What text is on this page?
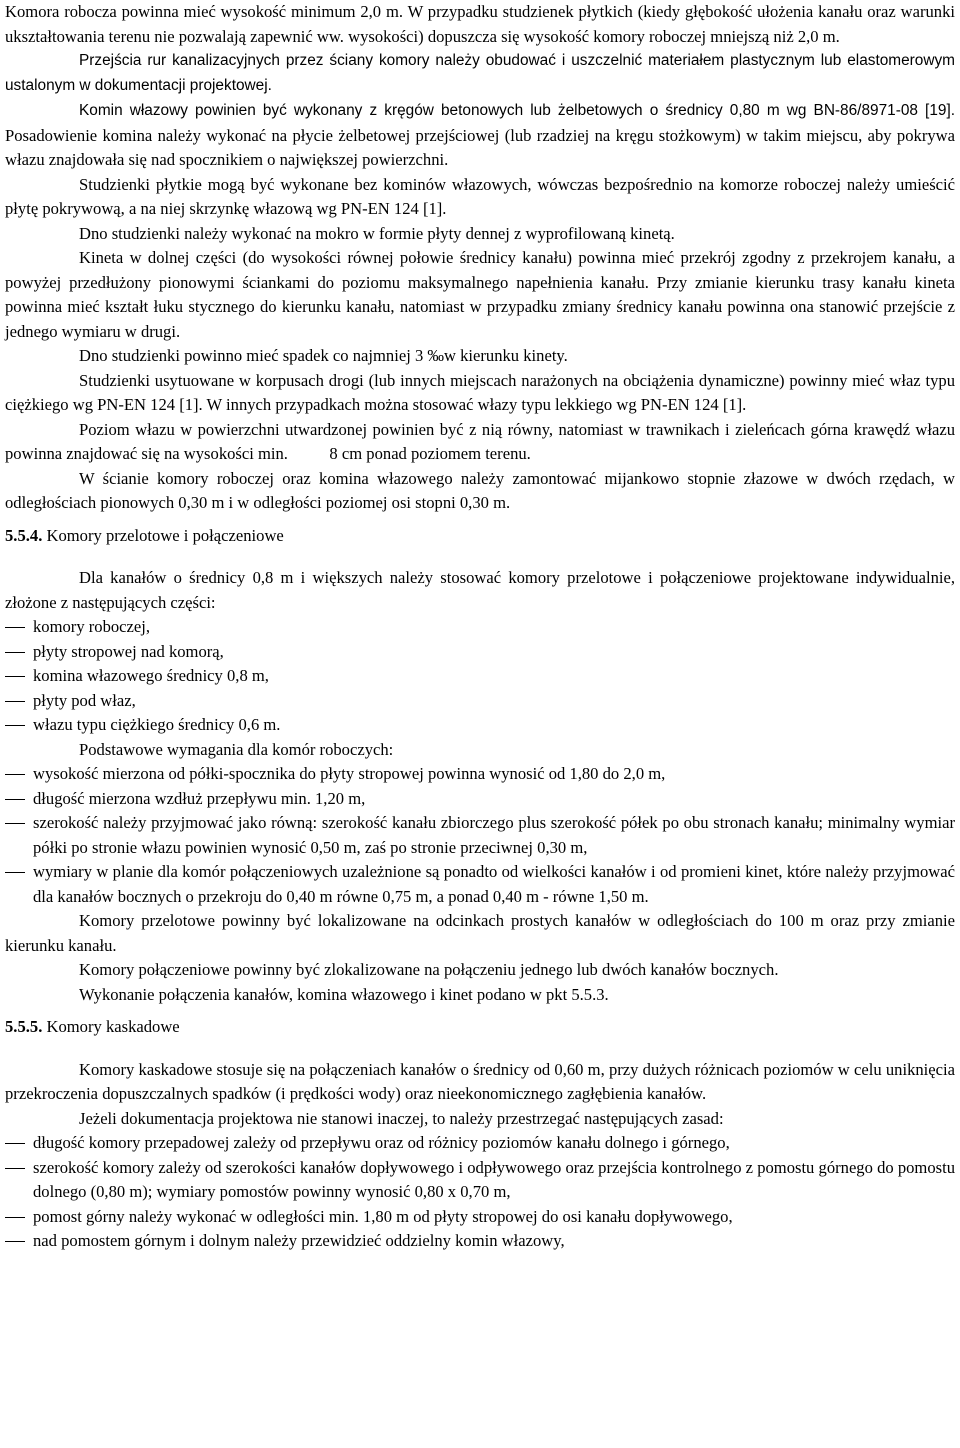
Komora robocza powinna mieć wysokość minimum 2,0 m. W przypadku studzienek płytkich (kiedy głębokość ułożenia kanału oraz warunki ukształtowania terenu nie pozwalają zapewnić ww. wysokości) dopuszcza się wysokość komory roboczej mniejszą niż 2,0 m.

Przejścia rur kanalizacyjnych przez ściany komory należy obudować i uszczelnić materiałem plastycznym lub elastomerowym ustalonym w dokumentacji projektowej.

Komin włazowy powinien być wykonany z kręgów betonowych lub żelbetowych o średnicy 0,80 m wg BN-86/8971-08 [19]. Posadowienie komina należy wykonać na płycie żelbetowej przejściowej (lub rzadziej na kręgu stożkowym) w takim miejscu, aby pokrywa włazu znajdowała się nad spocznikiem o największej powierzchni.

Studzienki płytkie mogą być wykonane bez kominów włazowych, wówczas bezpośrednio na komorze roboczej należy umieścić płytę pokrywową, a na niej skrzynkę włazową wg PN-EN 124 [1].

Dno studzienki należy wykonać na mokro w formie płyty dennej z wyprofilowaną kinetą.

Kineta w dolnej części (do wysokości równej połowie średnicy kanału) powinna mieć przekrój zgodny z przekrojem kanału, a powyżej przedłużony pionowymi ściankami do poziomu maksymalnego napełnienia kanału. Przy zmianie kierunku trasy kanału kineta powinna mieć kształt łuku stycznego do kierunku kanału, natomiast w przypadku zmiany średnicy kanału powinna ona stanowić przejście z jednego wymiaru w drugi.

Dno studzienki powinno mieć spadek co najmniej 3 ‰w kierunku kinety.

Studzienki usytuowane w korpusach drogi (lub innych miejscach narażonych na obciążenia dynamiczne) powinny mieć właz typu ciężkiego wg PN-EN 124 [1]. W innych przypadkach można stosować włazy typu lekkiego wg PN-EN 124 [1].

Poziom włazu w powierzchni utwardzonej powinien być z nią równy, natomiast w trawnikach i zieleńcach górna krawędź włazu powinna znajdować się na wysokości min.          8 cm ponad poziomem terenu.

W ścianie komory roboczej oraz komina włazowego należy zamontować mijankowo stopnie złazowe w dwóch rzędach, w odległościach pionowych 0,30 m i w odległości poziomej osi stopni 0,30 m.

5.5.4. Komory przelotowe i połączeniowe

Dla kanałów o średnicy 0,8 m i większych należy stosować komory przelotowe i połączeniowe projektowane indywidualnie, złożone z następujących części:

komory roboczej,
płyty stropowej nad komorą,
komina włazowego średnicy 0,8 m,
płyty pod właz,
włazu typu ciężkiego średnicy 0,6 m.

Podstawowe wymagania dla komór roboczych:

wysokość mierzona od półki-spocznika do płyty stropowej powinna wynosić od 1,80 do 2,0 m,
długość mierzona wzdłuż przepływu min. 1,20 m,
szerokość należy przyjmować jako równą: szerokość kanału zbiorczego plus szerokość półek po obu stronach kanału; minimalny wymiar półki po stronie włazu powinien wynosić 0,50 m, zaś po stronie przeciwnej 0,30 m,
wymiary w planie dla komór połączeniowych uzależnione są ponadto od wielkości kanałów i od promieni kinet, które należy przyjmować dla kanałów bocznych o przekroju do 0,40 m równe 0,75 m, a ponad 0,40 m - równe 1,50 m.

Komory przelotowe powinny być lokalizowane na odcinkach prostych kanałów w odległościach do 100 m oraz przy zmianie kierunku kanału.

Komory połączeniowe powinny być zlokalizowane na połączeniu jednego lub dwóch kanałów bocznych.

Wykonanie połączenia kanałów, komina włazowego i kinet podano w pkt 5.5.3.

5.5.5. Komory kaskadowe

Komory kaskadowe stosuje się na połączeniach kanałów o średnicy od 0,60 m, przy dużych różnicach poziomów w celu uniknięcia przekroczenia dopuszczalnych spadków (i prędkości wody) oraz nieekonomicznego zagłębienia kanałów.

Jeżeli dokumentacja projektowa nie stanowi inaczej, to należy przestrzegać następujących zasad:

długość komory przepadowej zależy od przepływu oraz od różnicy poziomów kanału dolnego i górnego,
szerokość komory zależy od szerokości kanałów dopływowego i odpływowego oraz przejścia kontrolnego z pomostu górnego do pomostu dolnego (0,80 m); wymiary pomostów powinny wynosić 0,80 x 0,70 m,
pomost górny należy wykonać w odległości min. 1,80 m od płyty stropowej do osi kanału dopływowego,
nad pomostem górnym i dolnym należy przewidzieć oddzielny komin włazowy,
